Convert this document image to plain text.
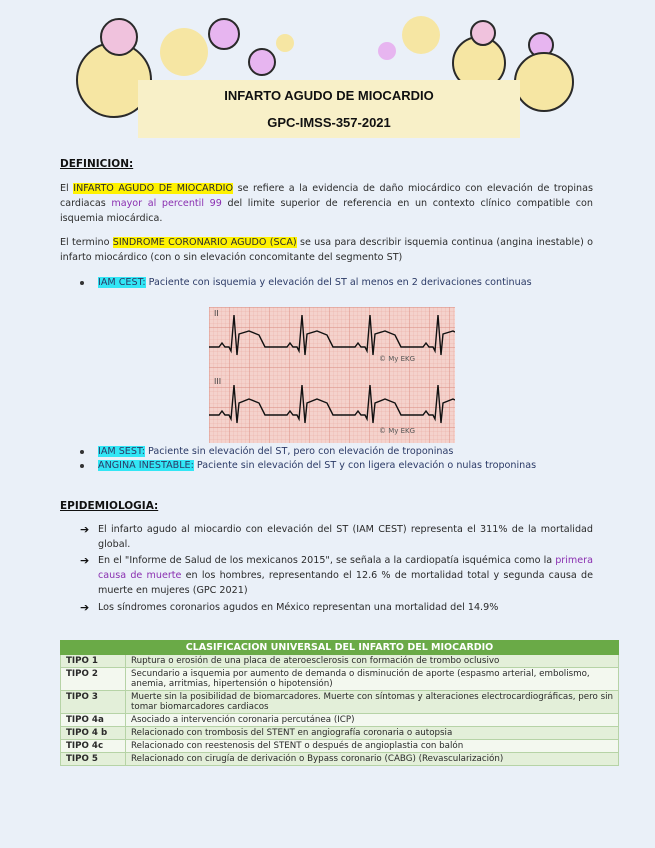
INFARTO AGUDO DE MIOCARDIO
GPC-IMSS-357-2021
DEFINICION:
El INFARTO AGUDO DE MIOCARDIO se refiere a la evidencia de daño miocárdico con elevación de tropinas cardiacas mayor al percentil 99 del limite superior de referencia en un contexto clínico compatible con isquemia miocárdica.
El termino SINDROME CORONARIO AGUDO (SCA) se usa para describir isquemia continua (angina inestable) o infarto miocárdico (con o sin elevación concomitante del segmento ST)
IAM CEST: Paciente con isquemia y elevación del ST al menos en 2 derivaciones continuas
II
III
© My EKG
© My EKG
IAM SEST: Paciente sin elevación del ST, pero con elevación de troponinas
ANGINA INESTABLE: Paciente sin elevación del ST y con ligera elevación o nulas troponinas
EPIDEMIOLOGIA:
➔ El infarto agudo al miocardio con elevación del ST (IAM CEST) representa el 311% de la mortalidad global.
➔ En el "Informe de Salud de los mexicanos 2015", se señala a la cardiopatía isquémica como la primera causa de muerte en los hombres, representando el 12.6 % de mortalidad total y segunda causa de muerte en mujeres (GPC 2021)
➔ Los síndromes coronarios agudos en México representan una mortalidad del 14.9%
CLASIFICACION UNIVERSAL DEL INFARTO DEL MIOCARDIO	
TIPO 1	Ruptura o erosión de una placa de ateroesclerosis con formación de trombo oclusivo
TIPO 2	Secundario a isquemia por aumento de demanda o disminución de aporte (espasmo arterial, embolismo, anemia, arritmias, hipertensión o hipotensión)
TIPO 3	Muerte sin la posibilidad de biomarcadores. Muerte con síntomas y alteraciones electrocardiográficas, pero sin tomar biomarcadores cardiacos
TIPO 4a	Asociado a intervención coronaria percutánea (ICP)
TIPO 4 b	Relacionado con trombosis del STENT en angiografía coronaria o autopsia
TIPO 4c	Relacionado con reestenosis del STENT o después de angioplastia con balón
TIPO 5	Relacionado con cirugía de derivación o Bypass coronario (CABG) (Revascularización)
